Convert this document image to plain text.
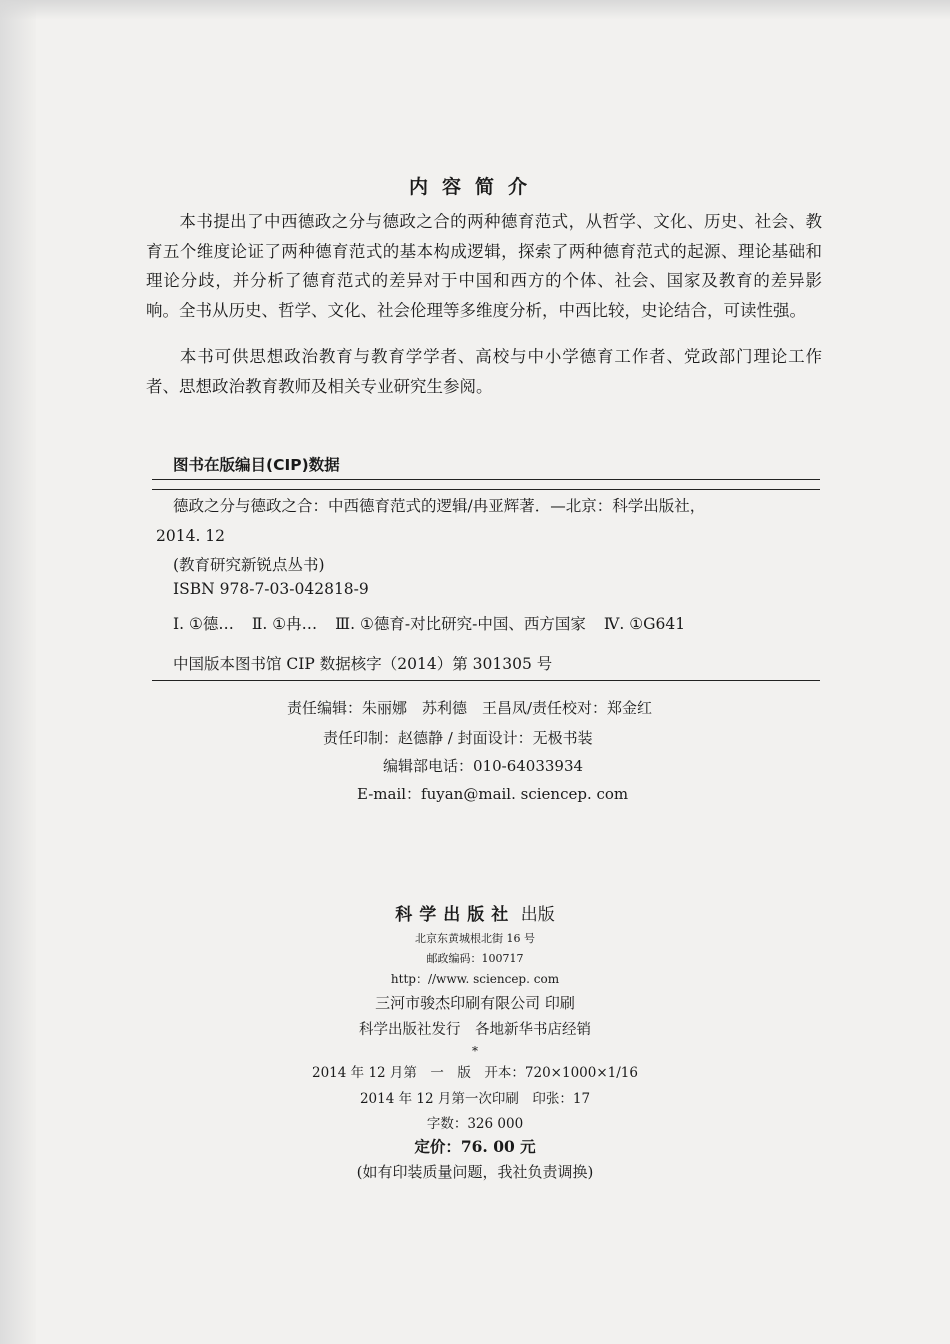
内容简介

本书提出了中西德政之分与德政之合的两种德育范式，从哲学、文化、历史、社会、教育五个维度论证了两种德育范式的基本构成逻辑，探索了两种德育范式的起源、理论基础和理论分歧，并分析了德育范式的差异对于中国和西方的个体、社会、国家及教育的差异影响。全书从历史、哲学、文化、社会伦理等多维度分析，中西比较，史论结合，可读性强。

本书可供思想政治教育与教育学学者、高校与中小学德育工作者、党政部门理论工作者、思想政治教育教师及相关专业研究生参阅。

图书在版编目(CIP)数据
德政之分与德政之合：中西德育范式的逻辑/冉亚辉著．—北京：科学出版社，
2014. 12
(教育研究新锐点丛书)
ISBN 978-7-03-042818-9
Ⅰ. ①德… Ⅱ. ①冉… Ⅲ. ①德育-对比研究-中国、西方国家 Ⅳ. ①G641
中国版本图书馆 CIP 数据核字（2014）第 301305 号
责任编辑：朱丽娜　苏利德　王昌凤/责任校对：郑金红
责任印制：赵德静 / 封面设计：无极书装
编辑部电话：010-64033934
E-mail：fuyan@mail. sciencep. com
科学出版社 出版
北京东黄城根北街 16 号
邮政编码：100717
http：//www. sciencep. com
三河市骏杰印刷有限公司 印刷
科学出版社发行　各地新华书店经销
*
2014 年 12 月第　一　版　开本：720×1000×1/16
2014 年 12 月第一次印刷　印张：17
字数：326 000
定价：76. 00 元
(如有印装质量问题，我社负责调换)
